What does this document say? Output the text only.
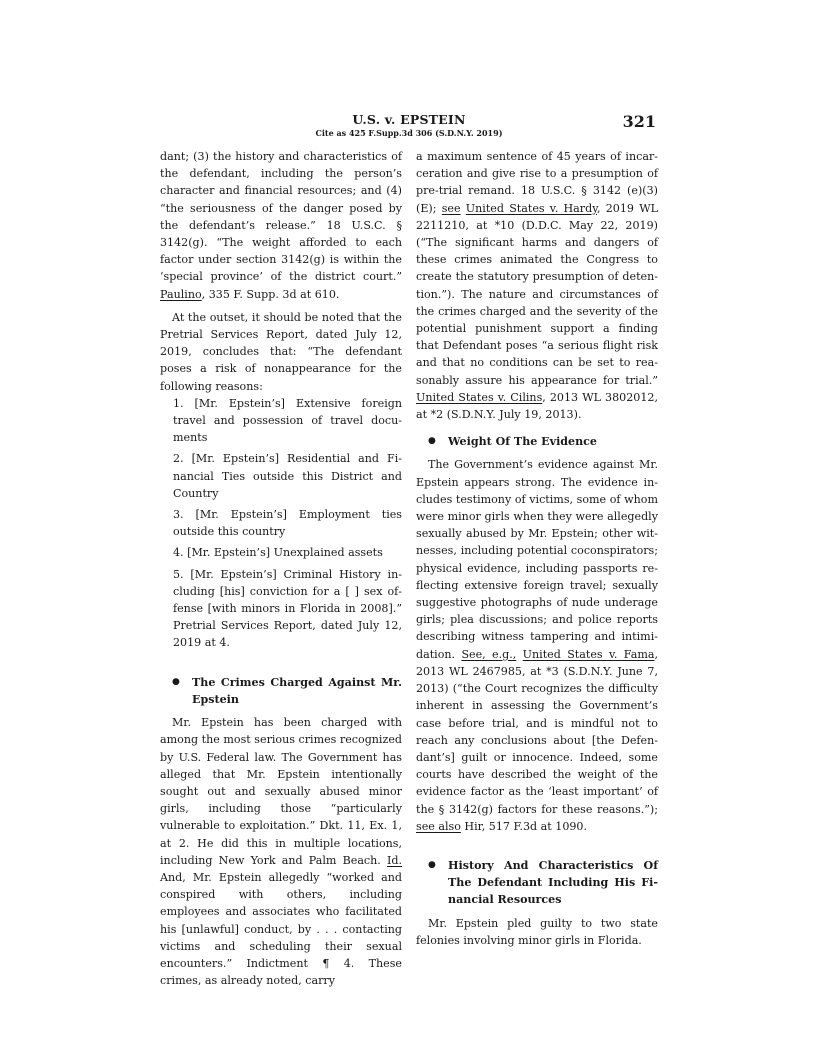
U.S. v. EPSTEIN
Cite as 425 F.Supp.3d 306 (S.D.N.Y. 2019)
321

dant; (3) the history and characteristics of the defendant, including the person’s character and financial resources; and (4) “the seriousness of the danger posed by the defendant’s release.” 18 U.S.C. § 3142(g). “The weight afforded to each factor under section 3142(g) is within the ‘special province’ of the district court.” Paulino, 335 F. Supp. 3d at 610.

At the outset, it should be noted that the Pretrial Services Report, dated July 12, 2019, concludes that: “The defendant poses a risk of nonappearance for the following reasons:

1. [Mr. Epstein’s] Extensive foreign travel and possession of travel documents

2. [Mr. Epstein’s] Residential and Financial Ties outside this District and Country

3. [Mr. Epstein’s] Employment ties outside this country

4. [Mr. Epstein’s] Unexplained assets

5. [Mr. Epstein’s] Criminal History including [his] conviction for a [ ] sex offense [with minors in Florida in 2008].” Pretrial Services Report, dated July 12, 2019 at 4.

● The Crimes Charged Against Mr. Epstein

Mr. Epstein has been charged with among the most serious crimes recognized by U.S. Federal law. The Government has alleged that Mr. Epstein intentionally sought out and sexually abused minor girls, including those “particularly vulnerable to exploitation.” Dkt. 11, Ex. 1, at 2. He did this in multiple locations, including New York and Palm Beach. Id. And, Mr. Epstein allegedly “worked and conspired with others, including employees and associates who facilitated his [unlawful] conduct, by . . . contacting victims and scheduling their sexual encounters.” Indictment ¶ 4. These crimes, as already noted, carry

a maximum sentence of 45 years of incarceration and give rise to a presumption of pre-trial remand. 18 U.S.C. § 3142 (e)(3)(E); see United States v. Hardy, 2019 WL 2211210, at *10 (D.D.C. May 22, 2019) (“The significant harms and dangers of these crimes animated the Congress to create the statutory presumption of detention.”). The nature and circumstances of the crimes charged and the severity of the potential punishment support a finding that Defendant poses “a serious flight risk and that no conditions can be set to reasonably assure his appearance for trial.” United States v. Cilins, 2013 WL 3802012, at *2 (S.D.N.Y. July 19, 2013).

● Weight Of The Evidence

The Government’s evidence against Mr. Epstein appears strong. The evidence includes testimony of victims, some of whom were minor girls when they were allegedly sexually abused by Mr. Epstein; other witnesses, including potential coconspirators; physical evidence, including passports reflecting extensive foreign travel; sexually suggestive photographs of nude underage girls; plea discussions; and police reports describing witness tampering and intimidation. See, e.g., United States v. Fama, 2013 WL 2467985, at *3 (S.D.N.Y. June 7, 2013) (“the Court recognizes the difficulty inherent in assessing the Government’s case before trial, and is mindful not to reach any conclusions about [the Defendant’s] guilt or innocence. Indeed, some courts have described the weight of the evidence factor as the ‘least important’ of the § 3142(g) factors for these reasons.”); see also Hir, 517 F.3d at 1090.

● History And Characteristics Of The Defendant Including His Financial Resources

Mr. Epstein pled guilty to two state felonies involving minor girls in Florida.
